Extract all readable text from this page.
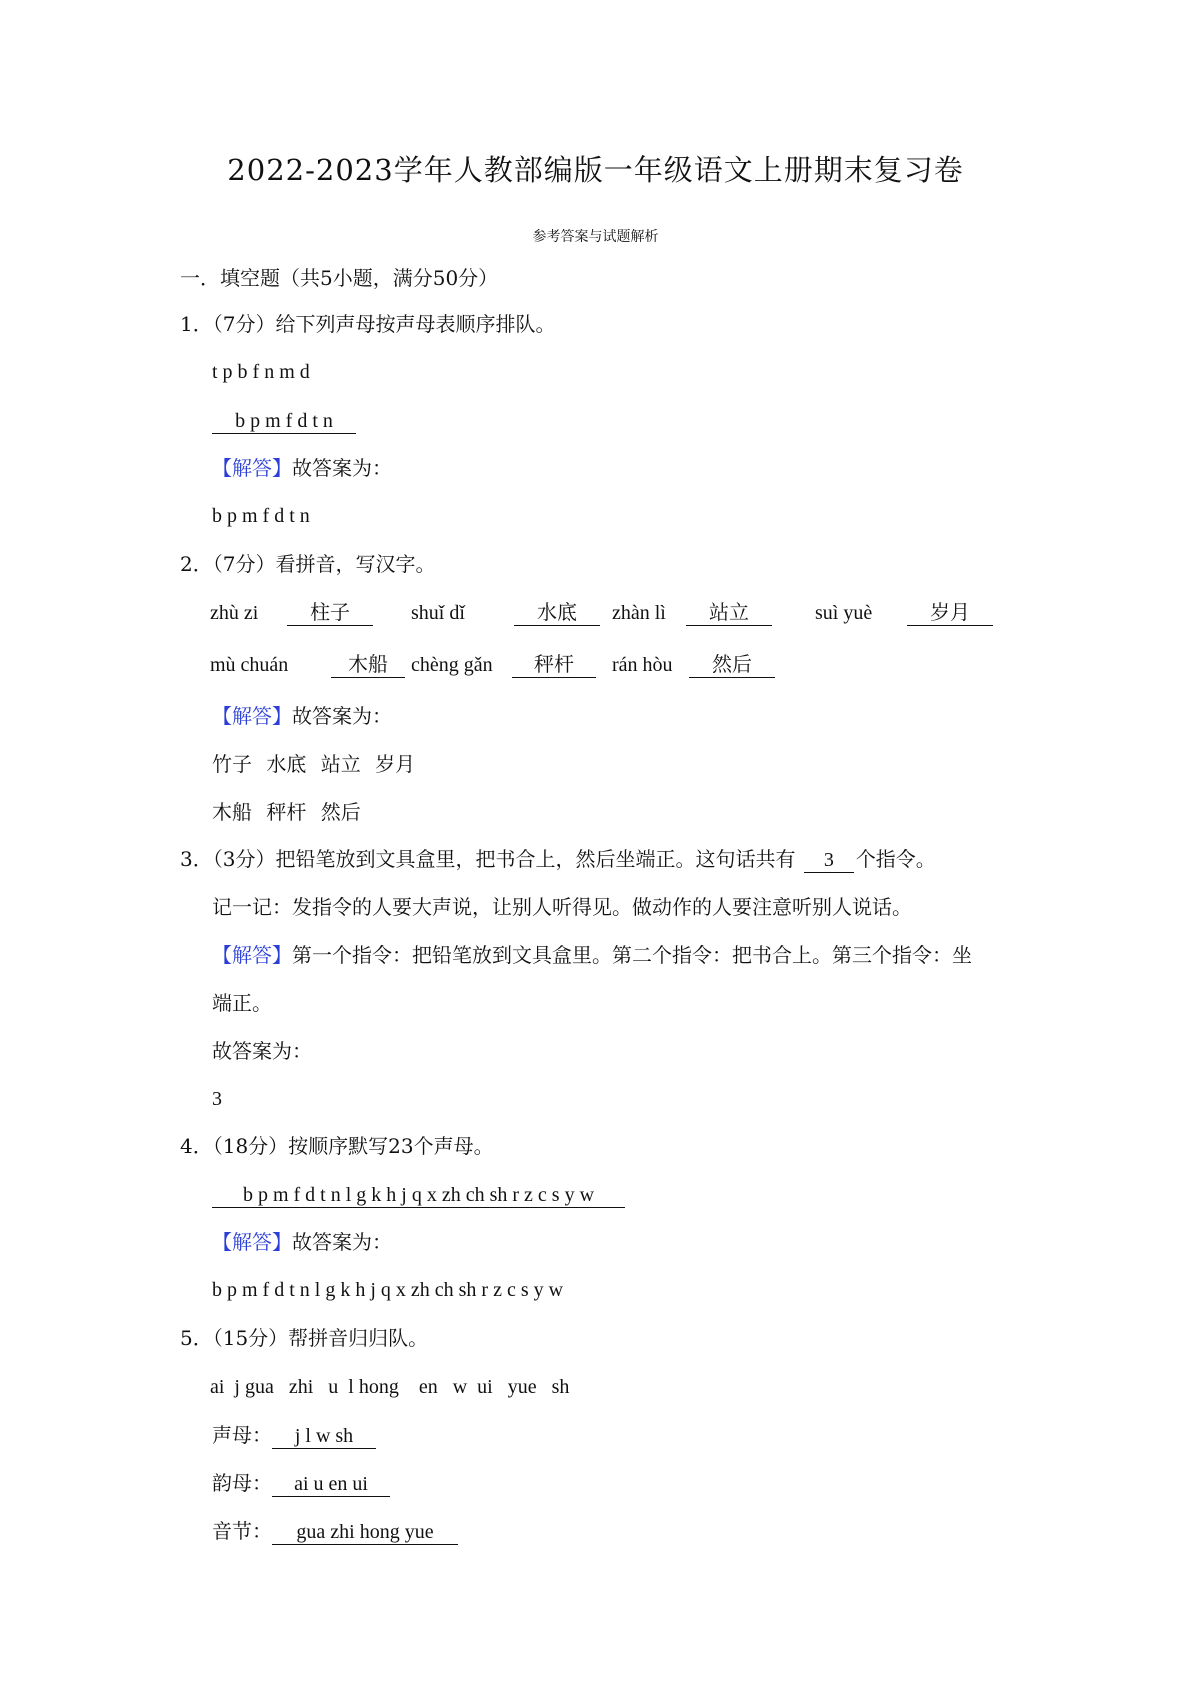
2022-2023学年人教部编版一年级语文上册期末复习卷
参考答案与试题解析
一．填空题（共5小题，满分50分）
1．（7分）给下列声母按声母表顺序排队。
t p b f n m d
b p m f d t n
【解答】故答案为：
b p m f d t n
2．（7分）看拼音，写汉字。
zhù zi	柱子	shuǐ dǐ	水底	zhàn lì	站立	suì yuè	岁月
mù chuán	木船	chèng gǎn	秤杆	rán hòu	然后
【解答】故答案为：
竹子 水底 站立 岁月
木船 秤杆 然后
3．（3分）把铅笔放到文具盒里，把书合上，然后坐端正。这句话共有 3 个指令。
记一记：发指令的人要大声说，让别人听得见。做动作的人要注意听别人说话。
【解答】第一个指令：把铅笔放到文具盒里。第二个指令：把书合上。第三个指令：坐
端正。
故答案为：
3
4．（18分）按顺序默写23个声母。
b p m f d t n l g k h j q x zh ch sh r z c s y w
【解答】故答案为：
b p m f d t n l g k h j q x zh ch sh r z c s y w
5．（15分）帮拼音归归队。
ai  j gua   zhi   u  l hong    en   w  ui   yue   sh
声母： j l w sh
韵母： ai u en ui
音节： gua zhi hong yue
